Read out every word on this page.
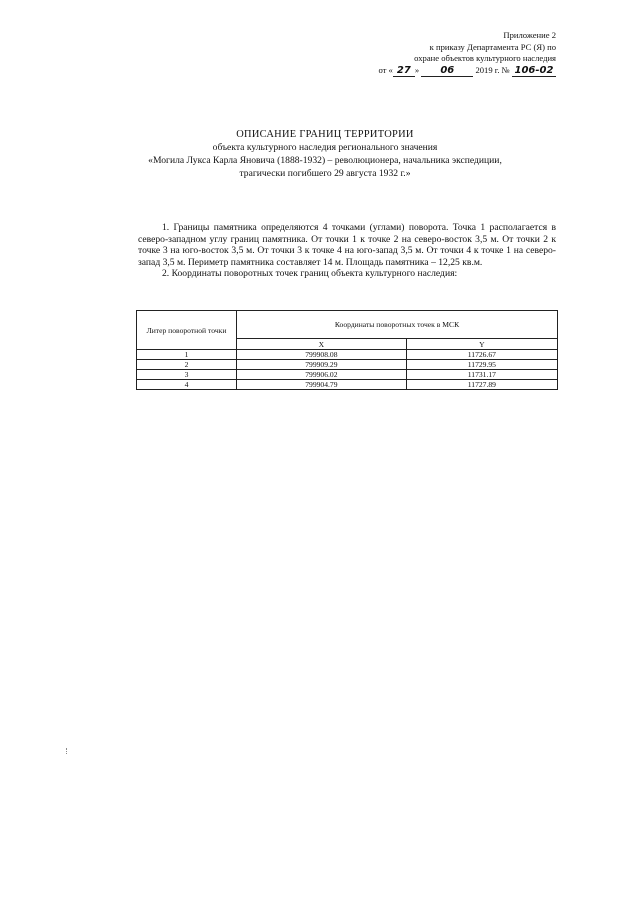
Приложение 2
к приказу Департамента РС (Я) по
охране объектов культурного наследия
от « 27 » 06 2019 г. № 106-02
ОПИСАНИЕ ГРАНИЦ ТЕРРИТОРИИ
объекта культурного наследия регионального значения
«Могила Лукса Карла Яновича (1888-1932) – революционера, начальника экспедиции,
трагически погибшего 29 августа 1932 г.»

1. Границы памятника определяются 4 точками (углами) поворота. Точка 1 располагается в северо-западном углу границ памятника. От точки 1 к точке 2 на северо-восток 3,5 м. От точки 2 к точке 3 на юго-восток 3,5 м. От точки 3 к точке 4 на юго-запад 3,5 м. От точки 4 к точке 1 на северо-запад 3,5 м. Периметр памятника составляет 14 м. Площадь памятника – 12,25 кв.м.

2. Координаты поворотных точек границ объекта культурного наследия:

Литер поворотной точки	Координаты поворотных точек в МСК	
	X	Y
1	799908.08	11726.67
2	799909.29	11729.95
3	799906.02	11731.17
4	799904.79	11727.89
